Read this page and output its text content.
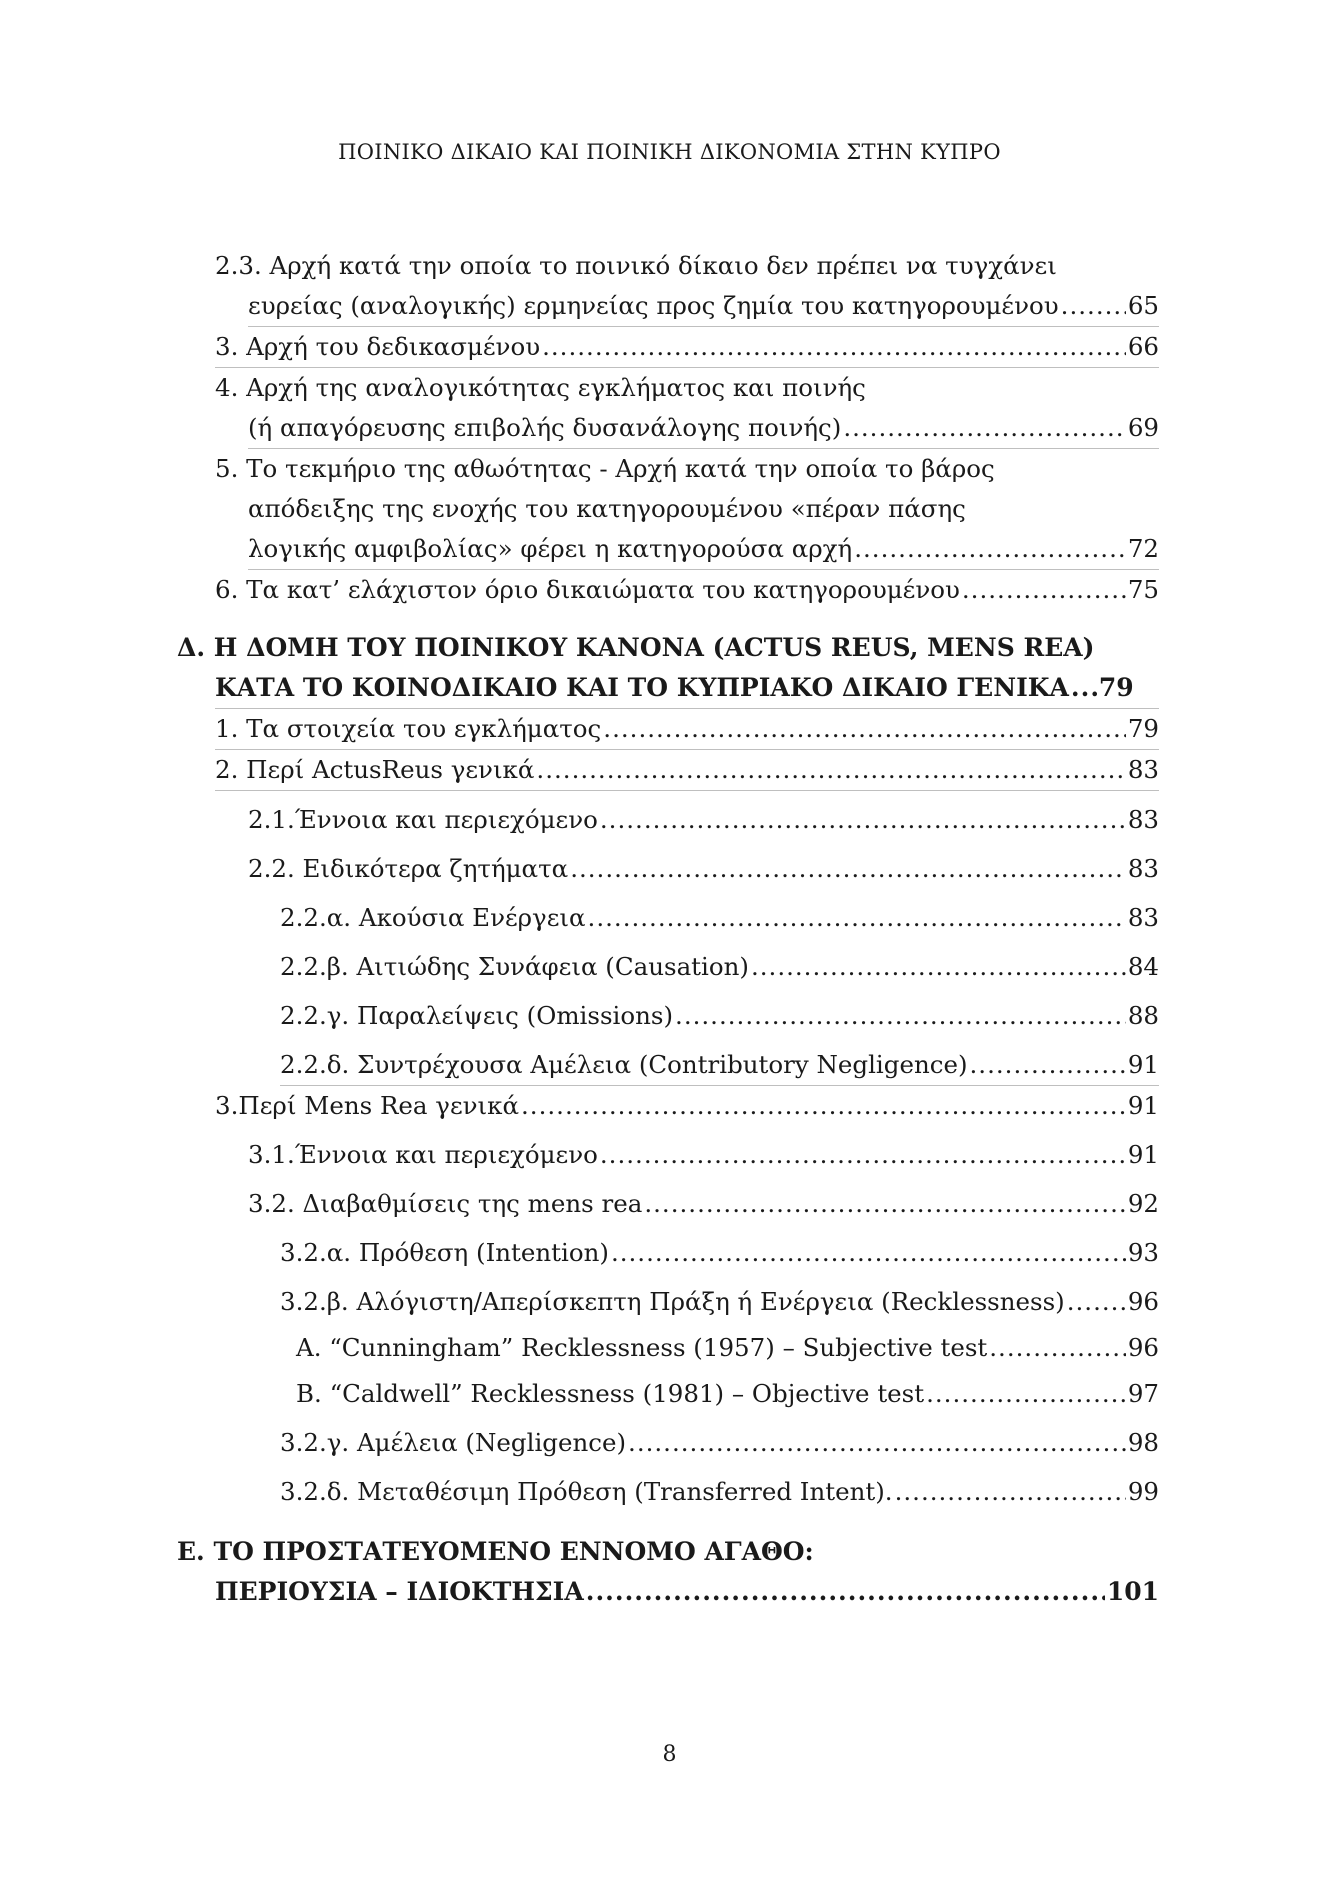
ΠΟΙΝΙΚΟ ΔΙΚΑΙΟ ΚΑΙ ΠΟΙΝΙΚΗ ΔΙΚΟΝΟΜΙΑ ΣΤΗΝ ΚΥΠΡΟ
2.3. Αρχή κατά την οποία το ποινικό δίκαιο δεν πρέπει να τυγχάνει
ευρείας (αναλογικής) ερμηνείας προς ζημία του κατηγορουμένου .....	65
3. Αρχή του δεδικασμένου .....	66
4. Αρχή της αναλογικότητας εγκλήματος και ποινής
(ή απαγόρευσης επιβολής δυσανάλογης ποινής) .....	69
5. Το τεκμήριο της αθωότητας - Αρχή κατά την οποία το βάρος
απόδειξης της ενοχής του κατηγορουμένου «πέραν πάσης
λογικής αμφιβολίας» φέρει η κατηγορούσα αρχή .....	72
6. Τα κατ’ ελάχιστον όριο δικαιώματα του κατηγορουμένου .....	75
Δ. Η ΔΟΜΗ ΤΟΥ ΠΟΙΝΙΚΟΥ ΚΑΝΟΝΑ (ACTUS REUS, MENS REA)
ΚΑΤΑ ΤΟ ΚΟΙΝΟΔΙΚΑΙΟ ΚΑΙ ΤΟ ΚΥΠΡΙΑΚΟ ΔΙΚΑΙΟ ΓΕΝΙΚΑ ..... 79
1. Τα στοιχεία του εγκλήματος .....	79
2. Περί ActusReus γενικά .....	83
2.1.Έννοια και περιεχόμενο .....	83
2.2. Ειδικότερα ζητήματα .....	83
2.2.α. Ακούσια Ενέργεια .....	83
2.2.β. Αιτιώδης Συνάφεια (Causation) .....	84
2.2.γ. Παραλείψεις (Omissions) .....	88
2.2.δ. Συντρέχουσα Αμέλεια (Contributory Negligence) .....	91
3.Περί Mens Rea γενικά .....	91
3.1.Έννοια και περιεχόμενο .....	91
3.2. Διαβαθμίσεις της mens rea .....	92
3.2.α. Πρόθεση (Intention) .....	93
3.2.β. Αλόγιστη/Απερίσκεπτη Πράξη ή Ενέργεια (Recklessness) .....	96
Α. “Cunningham” Recklessness (1957) – Subjective test .....	96
Β. “Caldwell” Recklessness (1981) – Objective test .....	97
3.2.γ. Αμέλεια (Negligence) .....	98
3.2.δ. Μεταθέσιμη Πρόθεση (Transferred Intent). .....	99
Ε. ΤΟ ΠΡΟΣΤΑΤΕΥΟΜΕΝΟ ΕΝΝΟΜΟ ΑΓΑΘΟ:
ΠΕΡΙΟΥΣΙΑ – ΙΔΙΟΚΤΗΣΙΑ .....	101
8
